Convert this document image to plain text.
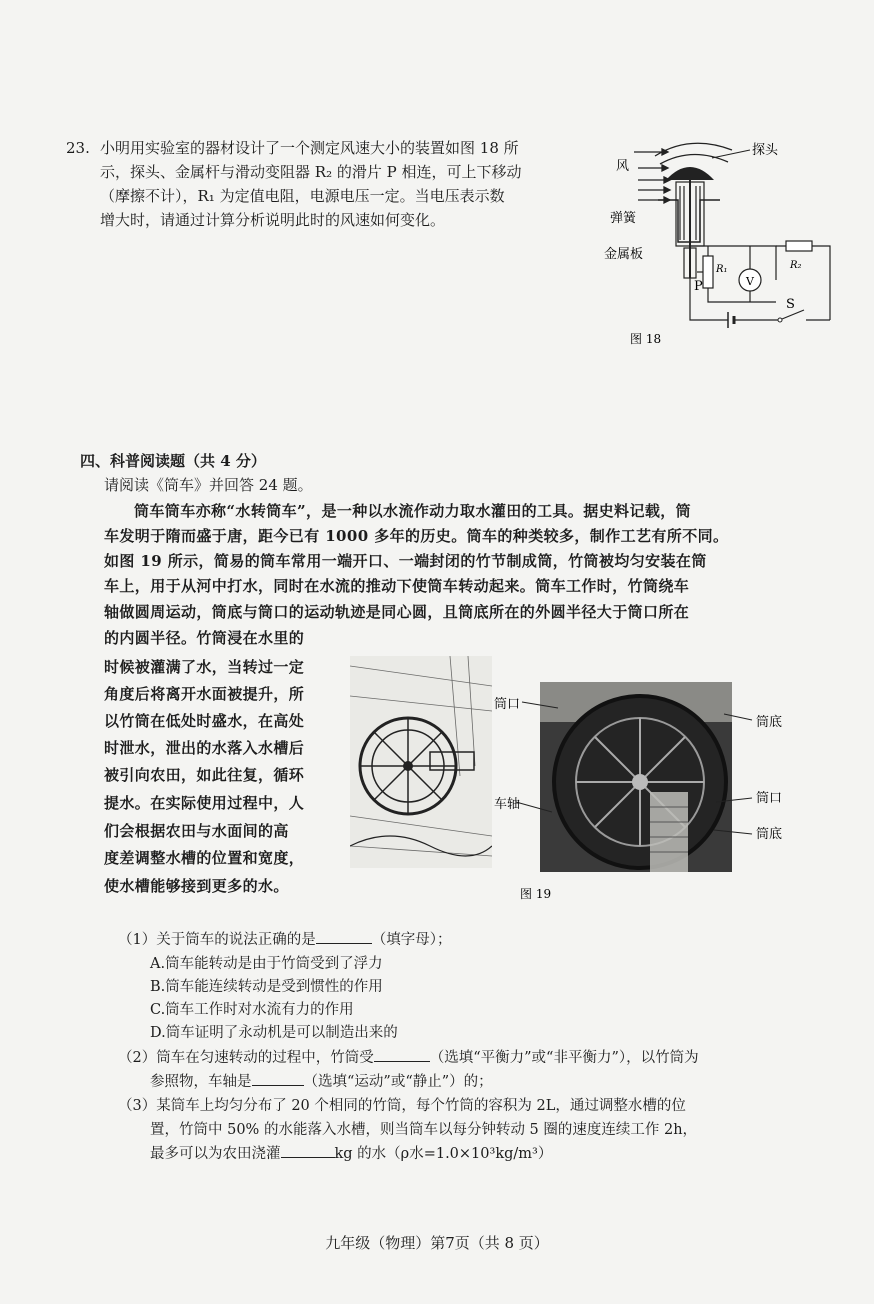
23. 小明用实验室的器材设计了一个测定风速大小的装置如图 18 所
示，探头、金属杆与滑动变阻器 R₂ 的滑片 P 相连，可上下移动
（摩擦不计），R₁ 为定值电阻，电源电压一定。当电压表示数
增大时，请通过计算分析说明此时的风速如何变化。
探头
风
弹簧
金属板
P
R₁	R₂
V
S
图 18
四、科普阅读题（共 4 分）
请阅读《筒车》并回答 24 题。
筒车筒车亦称“水转筒车”，是一种以水流作动力取水灌田的工具。据史料记载，筒
车发明于隋而盛于唐，距今已有 1000 多年的历史。筒车的种类较多，制作工艺有所不同。
如图 19 所示，简易的筒车常用一端开口、一端封闭的竹节制成筒，竹筒被均匀安装在筒
车上，用于从河中打水，同时在水流的推动下使筒车转动起来。筒车工作时，竹筒绕车
轴做圆周运动，筒底与筒口的运动轨迹是同心圆，且筒底所在的外圆半径大于筒口所在
的内圆半径。竹筒浸在水里的
时候被灌满了水，当转过一定
角度后将离开水面被提升，所
以竹筒在低处时盛水，在高处
时泄水，泄出的水落入水槽后
被引向农田，如此往复，循环
提水。在实际使用过程中，人
们会根据农田与水面间的高
度差调整水槽的位置和宽度，
使水槽能够接到更多的水。
筒口
车轴
筒底
筒口
筒底
图 19
（1）关于筒车的说法正确的是	（填字母）；
A.筒车能转动是由于竹筒受到了浮力
B.筒车能连续转动是受到惯性的作用
C.筒车工作时对水流有力的作用
D.筒车证明了永动机是可以制造出来的
（2）筒车在匀速转动的过程中，竹筒受	（选填“平衡力”或“非平衡力”），以竹筒为
参照物，车轴是	（选填“运动”或“静止”）的；
（3）某筒车上均匀分布了 20 个相同的竹筒，每个竹筒的容积为 2L，通过调整水槽的位
置，竹筒中 50% 的水能落入水槽，则当筒车以每分钟转动 5 圈的速度连续工作 2h，
最多可以为农田浇灌	kg 的水（ρ水=1.0×10³kg/m³）
九年级（物理）第7页（共 8 页）
